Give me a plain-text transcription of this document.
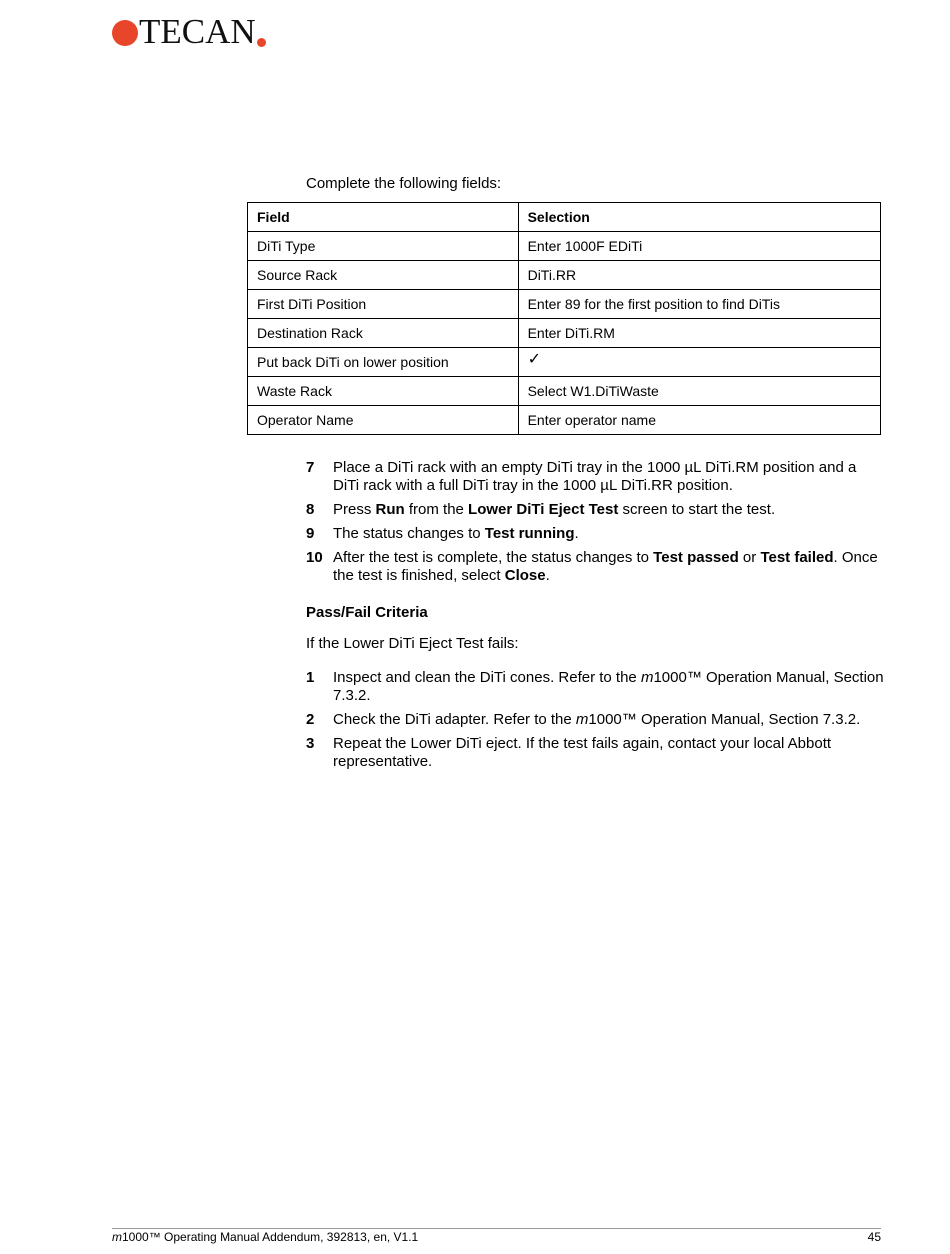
TECAN
Complete the following fields:
Field	Selection
DiTi Type	Enter 1000F EDiTi
Source Rack	DiTi.RR
First DiTi Position	Enter 89 for the first position to find DiTis
Destination Rack	Enter DiTi.RM
Put back DiTi on lower position	✓
Waste Rack	Select W1.DiTiWaste
Operator Name	Enter operator name
7	Place a DiTi rack with an empty DiTi tray in the 1000 µL DiTi.RM position and a DiTi rack with a full DiTi tray in the 1000 µL DiTi.RR position.
8	Press Run from the Lower DiTi Eject Test screen to start the test.
9	The status changes to Test running.
10 After the test is complete, the status changes to Test passed or Test failed. Once the test is finished, select Close.
Pass/Fail Criteria
If the Lower DiTi Eject Test fails:
1	Inspect and clean the DiTi cones. Refer to the m1000™ Operation Manual, Section 7.3.2.
2	Check the DiTi adapter. Refer to the m1000™ Operation Manual, Section 7.3.2.
3	Repeat the Lower DiTi eject. If the test fails again, contact your local Abbott representative.
m1000™ Operating Manual Addendum, 392813, en, V1.1	45
